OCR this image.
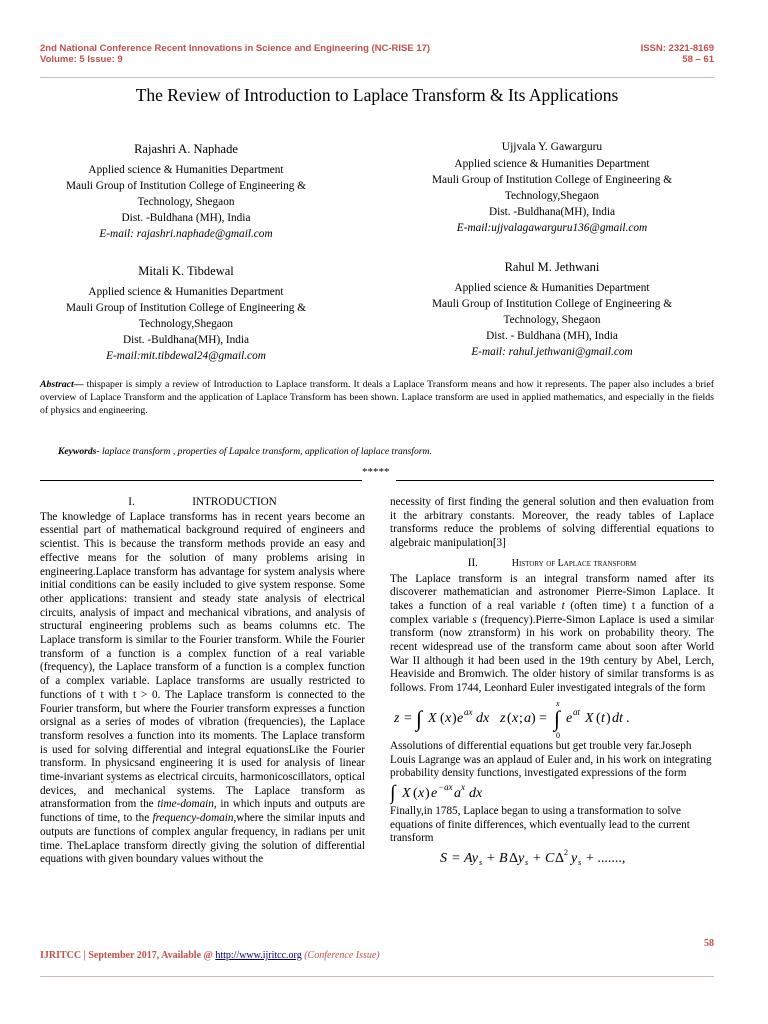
2nd National Conference Recent Innovations in Science and Engineering (NC-RISE 17)
Volume: 5 Issue: 9
ISSN: 2321-8169
58 – 61
The Review of Introduction to Laplace Transform & Its Applications
Rajashri A. Naphade
Applied science & Humanities Department
Mauli Group of Institution College of Engineering &
Technology, Shegaon
Dist. -Buldhana (MH), India
E-mail: rajashri.naphade@gmail.com
Ujjvala Y. Gawarguru
Applied science & Humanities Department
Mauli Group of Institution College of Engineering &
Technology,Shegaon
Dist. -Buldhana(MH), India
E-mail:ujjvalagawarguru136@gmail.com
Mitali K. Tibdewal
Applied science & Humanities Department
Mauli Group of Institution College of Engineering &
Technology,Shegaon
Dist. -Buldhana(MH), India
E-mail:mit.tibdewal24@gmail.com
Rahul M. Jethwani
Applied science & Humanities Department
Mauli Group of Institution College of Engineering &
Technology, Shegaon
Dist. - Buldhana (MH), India
E-mail: rahul.jethwani@gmail.com
Abstract— thispaper is simply a review of Introduction to Laplace transform. It deals a Laplace Transform means and how it represents. The paper also includes a brief overview of Laplace Transform and the application of Laplace Transform has been shown. Laplace transform are used in applied mathematics, and especially in the fields of physics and engineering.
Keywords- laplace transform , properties of Lapalce transform, application of laplace transform.
*****
I.	INTRODUCTION

The knowledge of Laplace transforms has in recent years become an essential part of mathematical background required of engineers and scientist. This is because the transform methods provide an easy and effective means for the solution of many problems arising in engineering.Laplace transform has advantage for system analysis where initial conditions can be easily included to give system response. Some other applications: transient and steady state analysis of electrical circuits, analysis of impact and mechanical vibrations, and analysis of structural engineering problems such as beams columns etc. The Laplace transform is similar to the Fourier transform. While the Fourier transform of a function is a complex function of a real variable (frequency), the Laplace transform of a function is a complex function of a complex variable. Laplace transforms are usually restricted to functions of t with t > 0. The Laplace transform is connected to the Fourier transform, but where the Fourier transform expresses a function orsignal as a series of modes of vibration (frequencies), the Laplace transform resolves a function into its moments. The Laplace transform is used for solving differential and integral equationsLike the Fourier transform. In physicsand engineering it is used for analysis of linear time-invariant systems as electrical circuits, harmonicoscillators, optical devices, and mechanical systems. The Laplace transform as atransformation from the time-domain, in which inputs and outputs are functions of time, to the frequency-domain,where the similar inputs and outputs are functions of complex angular frequency, in radians per unit time. TheLaplace transform directly giving the solution of differential equations with given boundary values without the

necessity of first finding the general solution and then evaluation from it the arbitrary constants. Moreover, the ready tables of Laplace transforms reduce the problems of solving differential equations to algebraic manipulation[3]

II.	History of Laplace transform

The Laplace transform is an integral transform named after its discoverer mathematician and astronomer Pierre-Simon Laplace. It takes a function of a real variable t (often time) t a function of a complex variable s (frequency).Pierre-Simon Laplace is used a similar transform (now ztransform) in his work on probability theory. The recent widespread use of the transform came about soon after World War II although it had been used in the 19th century by Abel, Lerch, Heaviside and Bromwich. The older history of similar transforms is as follows. From 1744, Leonhard Euler investigated integrals of the form

z = ∫ X ( x ) e ax dx z ( x ; a ) = ∫
x
0
e at X ( t ) dt .

Assolutions of differential equations but get trouble very far.Joseph Louis Lagrange was an applaud of Euler and, in his work on integrating probability density functions, investigated expressions of the form

∫ X ( x ) e −ax a x dx

Finally,in 1785, Laplace began to using a transformation to solve equations of finite differences, which eventually lead to the current transform

S = Ay s + B Δ y s + C Δ 2 y s + .......,
58
IJRITCC | September 2017, Available @ http://www.ijritcc.org (Conference Issue)
